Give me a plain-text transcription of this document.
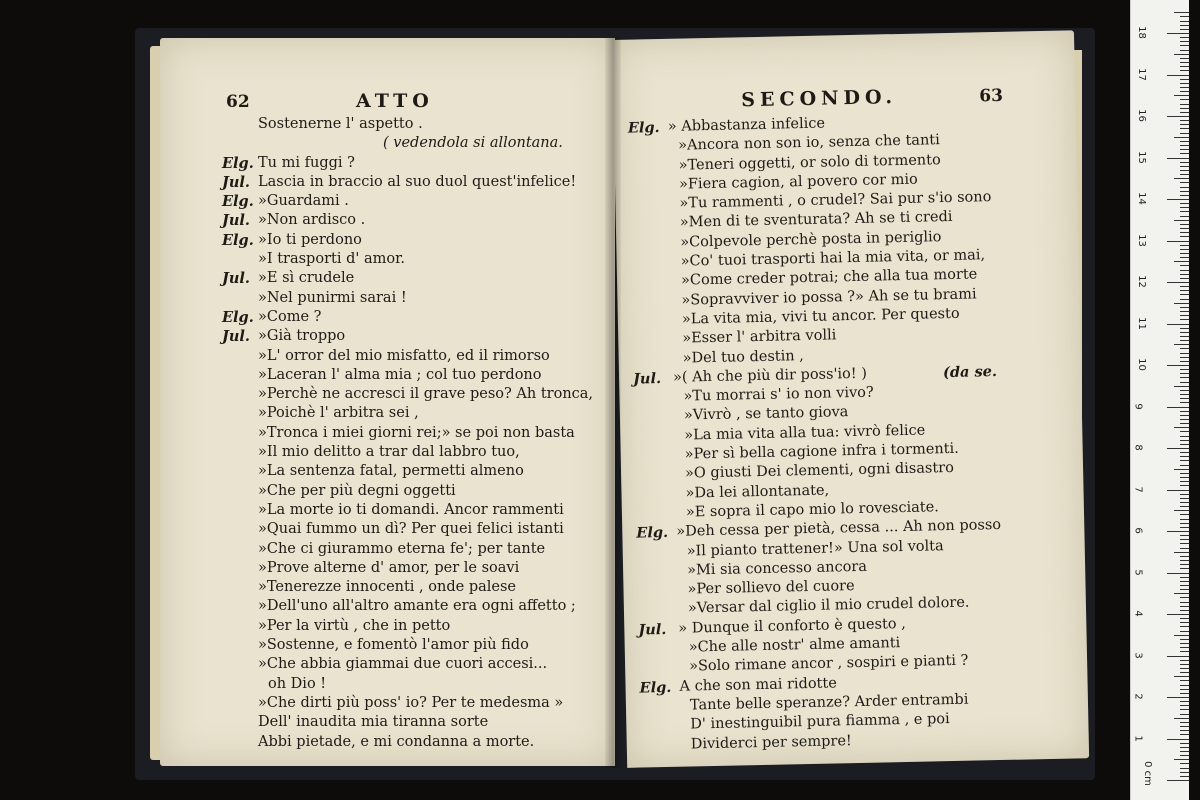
62	ATTO
Sostenerne l' aspetto .
( vedendola si allontana.
Elg. Tu mi fuggi ?
Jul. Lascia in braccio al suo duol quest'infelice!
Elg. »Guardami .
Jul. »Non ardisco .
Elg. »Io ti perdono
»I trasporti d' amor.
Jul. »E sì crudele
»Nel punirmi sarai !
Elg. »Come ?
Jul. »Già troppo
»L' orror del mio misfatto, ed il rimorso
»Laceran l' alma mia ; col tuo perdono
»Perchè ne accresci il grave peso? Ah tronca,
»Poichè l' arbitra sei ,
»Tronca i miei giorni rei;» se poi non basta
»Il mio delitto a trar dal labbro tuo,
»La sentenza fatal, permetti almeno
»Che per più degni oggetti
»La morte io ti domandi. Ancor rammenti
»Quai fummo un dì? Per quei felici istanti
»Che ci giurammo eterna fe'; per tante
»Prove alterne d' amor, per le soavi
»Tenerezze innocenti , onde palese
»Dell'uno all'altro amante era ogni affetto ;
»Per la virtù , che in petto
»Sostenne, e fomentò l'amor più fido
»Che abbia giammai due cuori accesi...
oh Dio !
»Che dirti più poss' io? Per te medesma »
Dell' inaudita mia tiranna sorte
Abbi pietade, e mi condanna a morte.
SECONDO.	63
Elg. » Abbastanza infelice
»Ancora non son io, senza che tanti
»Teneri oggetti, or solo di tormento
»Fiera cagion, al povero cor mio
»Tu rammenti , o crudel? Sai pur s'io sono
»Men di te sventurata? Ah se ti credi
»Colpevole perchè posta in periglio
»Co' tuoi trasporti hai la mia vita, or mai,
»Come creder potrai; che alla tua morte
»Sopravviver io possa ?» Ah se tu brami
»La vita mia, vivi tu ancor. Per questo
»Esser l' arbitra volli
»Del tuo destin ,
Jul. »( Ah che più dir poss'io! )	(da se.
»Tu morrai s' io non vivo?
»Vivrò , se tanto giova
»La mia vita alla tua: vivrò felice
»Per sì bella cagione infra i tormenti.
»O giusti Dei clementi, ogni disastro
»Da lei allontanate,
»E sopra il capo mio lo rovesciate.
Elg. »Deh cessa per pietà, cessa ... Ah non posso
»Il pianto trattener!» Una sol volta
»Mi sia concesso ancora
»Per sollievo del cuore
»Versar dal ciglio il mio crudel dolore.
Jul. » Dunque il conforto è questo ,
»Che alle nostr' alme amanti
»Solo rimane ancor , sospiri e pianti ?
Elg. A che son mai ridotte
Tante belle speranze? Arder entrambi
D' inestinguibil pura fiamma , e poi
Dividerci per sempre!
0 cm
1
2
3
4
5
6
7
8
9
10
11
12
13
14
15
16
17
18
